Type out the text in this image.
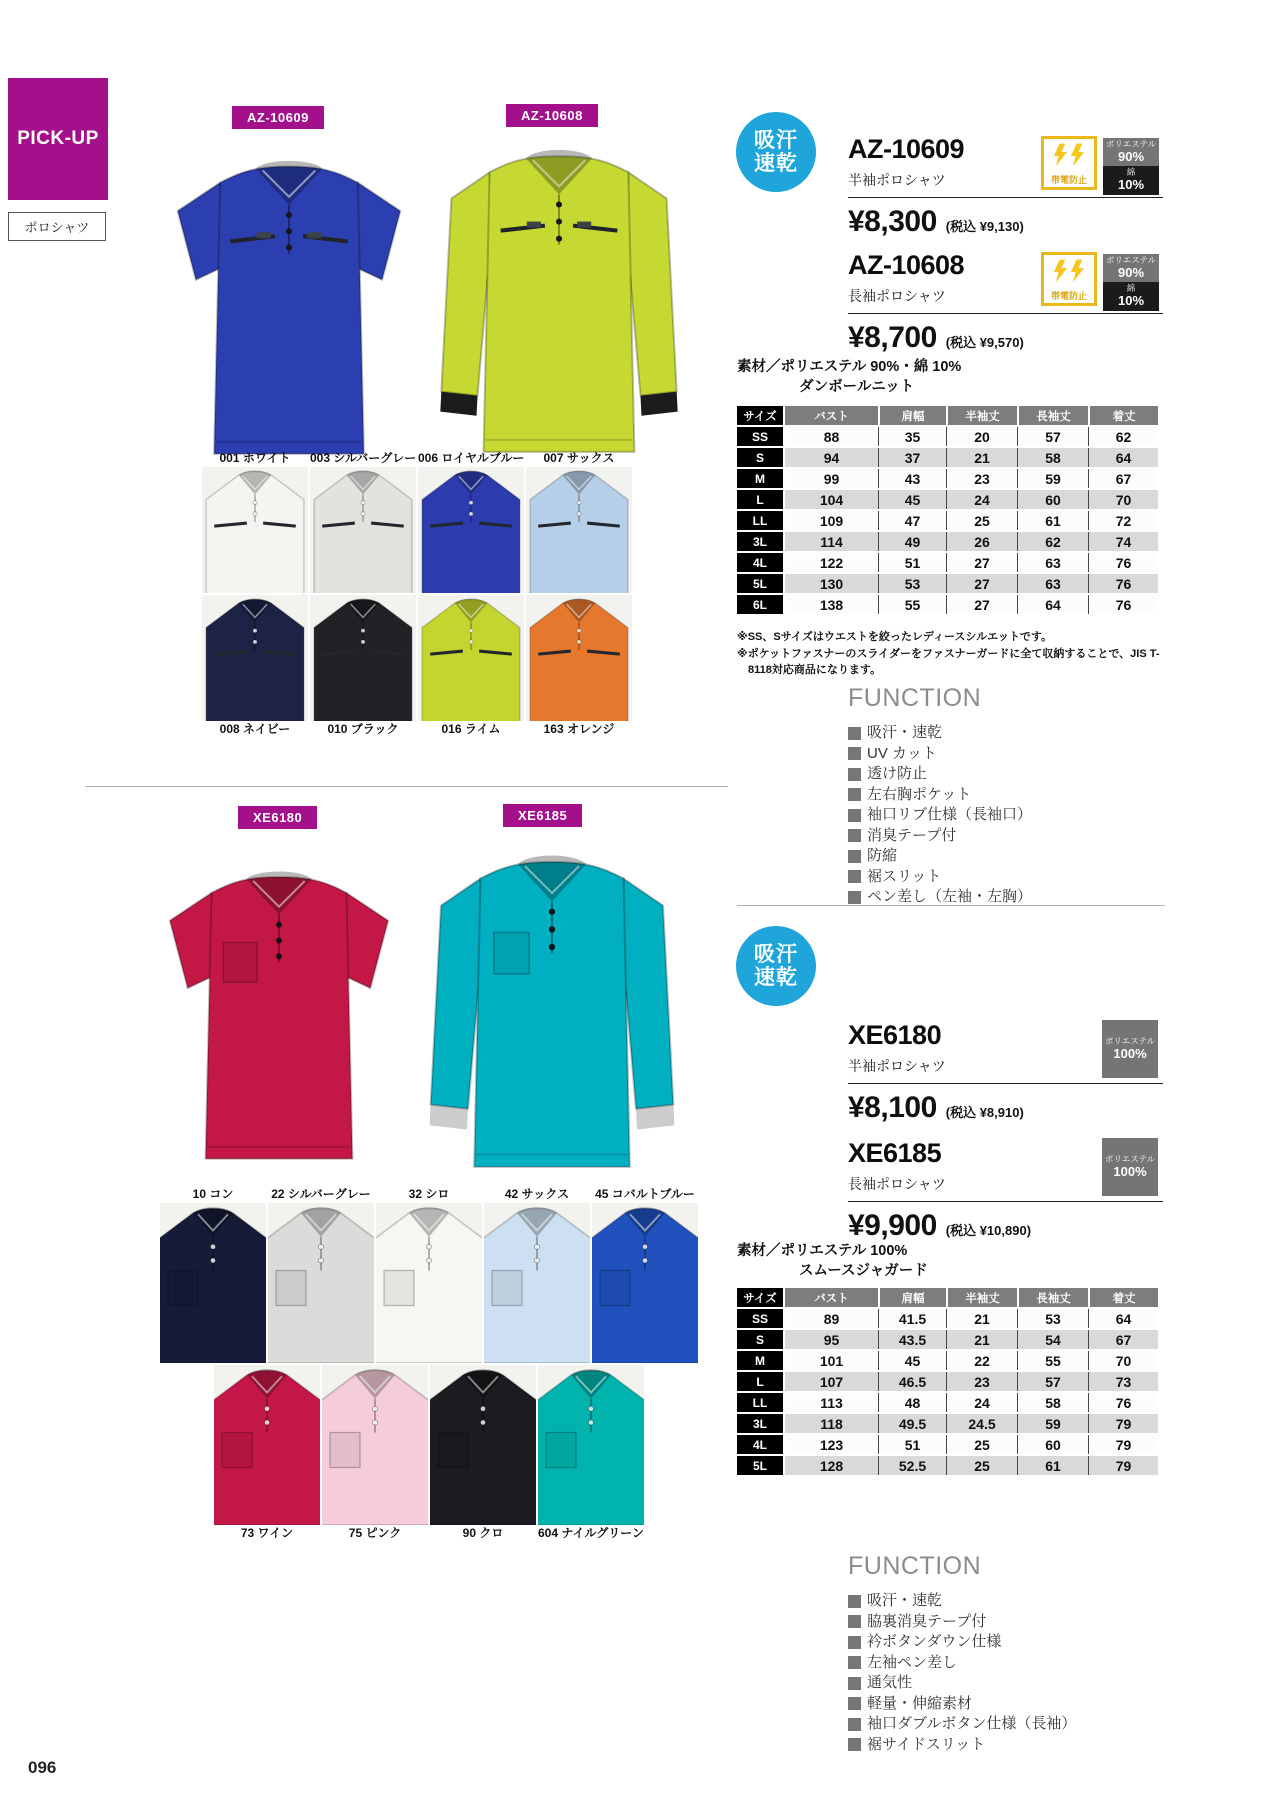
PICK-UP
ポロシャツ
096
AZ-10609	AZ-10608
吸汗
速乾 AZ-10609
半袖ポロシャツ
¥8,300 (税込 ¥9,130)
帯電防止
ポリエステル
90%
綿
10%
AZ-10608
長袖ポロシャツ
¥8,700 (税込 ¥9,570)
帯電防止
ポリエステル
90%
綿
10%
素材／ポリエステル 90%・綿 10%
ダンボールニット
サイズ	バスト	肩幅	半袖丈	長袖丈	着丈
SS	88	35	20	57	62
S	94	37	21	58	64
M	99	43	23	59	67
L	104	45	24	60	70
LL	109	47	25	61	72
3L	114	49	26	62	74
4L	122	51	27	63	76
5L	130	53	27	63	76
6L	138	55	27	64	76
※SS、Sサイズはウエストを絞ったレディースシルエットです。
※ポケットファスナーのスライダーをファスナーガードに全て収納することで、JIS T-8118対応商品になります。
FUNCTION
吸汗・速乾
UV カット
透け防止
左右胸ポケット
袖口リブ仕様（長袖口）
消臭テープ付
防縮
裾スリット
ペン差し（左袖・左胸）
001 ホワイト	003 シルバーグレー 006 ロイヤルブルー	007 サックス
008 ネイビー	010 ブラック	016 ライム	163 オレンジ
XE6180	XE6185
吸汗
速乾
XE6180
半袖ポロシャツ
¥8,100 (税込 ¥8,910)
ポリエステル
100%
XE6185
長袖ポロシャツ
¥9,900 (税込 ¥10,890)
ポリエステル
100%
素材／ポリエステル 100%
スムースジャガード
サイズ	バスト	肩幅	半袖丈	長袖丈	着丈
SS	89	41.5	21	53	64
S	95	43.5	21	54	67
M	101	45	22	55	70
L	107	46.5	23	57	73
LL	113	48	24	58	76
3L	118	49.5	24.5	59	79
4L	123	51	25	60	79
5L	128	52.5	25	61	79
FUNCTION
吸汗・速乾
脇裏消臭テープ付
衿ボタンダウン仕様
左袖ペン差し
通気性
軽量・伸縮素材
袖口ダブルボタン仕様（長袖）
裾サイドスリット
10 コン	22 シルバーグレー	32 シロ	42 サックス	45 コバルトブルー
73 ワイン	75 ピンク	90 クロ	604 ナイルグリーン
